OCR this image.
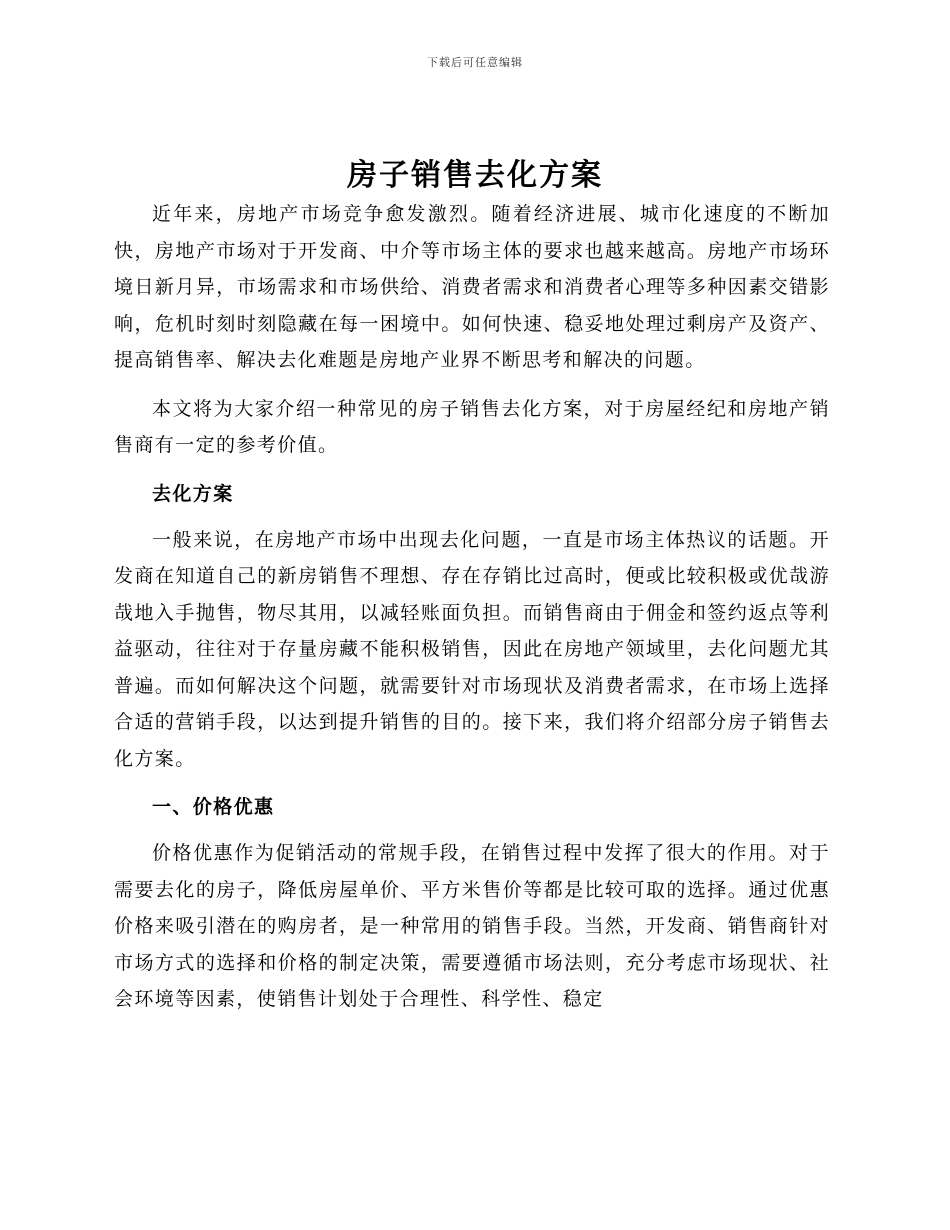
下载后可任意编辑
房子销售去化方案

近年来，房地产市场竞争愈发激烈。随着经济进展、城市化速度的不断加快，房地产市场对于开发商、中介等市场主体的要求也越来越高。房地产市场环境日新月异，市场需求和市场供给、消费者需求和消费者心理等多种因素交错影响，危机时刻时刻隐藏在每一困境中。如何快速、稳妥地处理过剩房产及资产、提高销售率、解决去化难题是房地产业界不断思考和解决的问题。

本文将为大家介绍一种常见的房子销售去化方案，对于房屋经纪和房地产销售商有一定的参考价值。

去化方案

一般来说，在房地产市场中出现去化问题，一直是市场主体热议的话题。开发商在知道自己的新房销售不理想、存在存销比过高时，便或比较积极或优哉游哉地入手抛售，物尽其用，以减轻账面负担。而销售商由于佣金和签约返点等利益驱动，往往对于存量房藏不能积极销售，因此在房地产领域里，去化问题尤其普遍。而如何解决这个问题，就需要针对市场现状及消费者需求，在市场上选择合适的营销手段，以达到提升销售的目的。接下来，我们将介绍部分房子销售去化方案。

一、价格优惠

价格优惠作为促销活动的常规手段，在销售过程中发挥了很大的作用。对于需要去化的房子，降低房屋单价、平方米售价等都是比较可取的选择。通过优惠价格来吸引潜在的购房者，是一种常用的销售手段。当然，开发商、销售商针对市场方式的选择和价格的制定决策，需要遵循市场法则，充分考虑市场现状、社会环境等因素，使销售计划处于合理性、科学性、稳定
